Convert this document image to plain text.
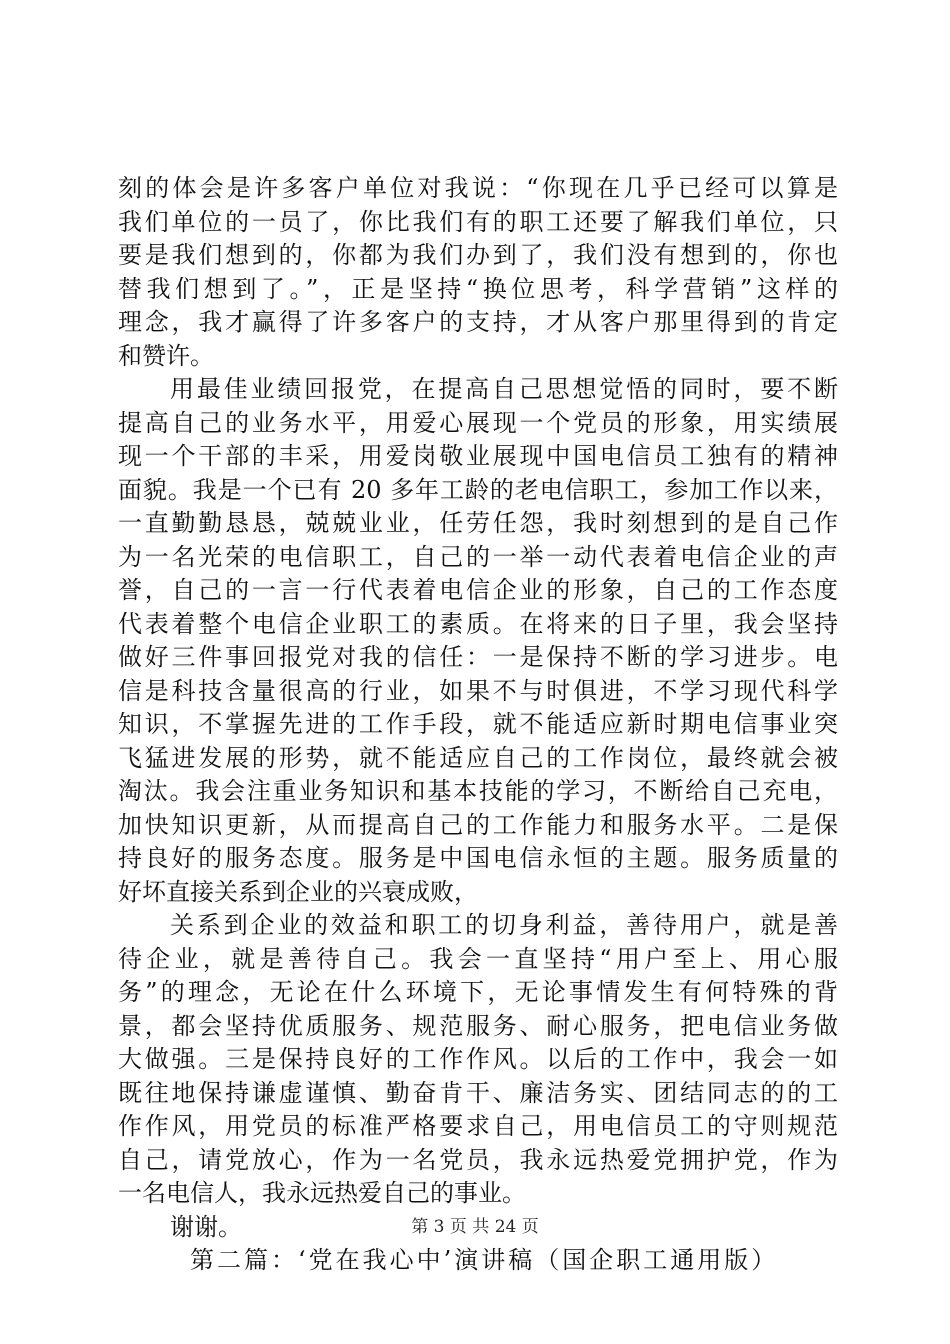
刻的体会是许多客户单位对我说：“你现在几乎已经可以算是
我们单位的一员了，你比我们有的职工还要了解我们单位，只
要是我们想到的，你都为我们办到了，我们没有想到的，你也
替我们想到了。”，正是坚持“换位思考，科学营销”这样的
理念，我才赢得了许多客户的支持，才从客户那里得到的肯定
和赞许。
用最佳业绩回报党，在提高自己思想觉悟的同时，要不断
提高自己的业务水平，用爱心展现一个党员的形象，用实绩展
现一个干部的丰采，用爱岗敬业展现中国电信员工独有的精神
面貌。我是一个已有 20 多年工龄的老电信职工，参加工作以来，
一直勤勤恳恳，兢兢业业，任劳任怨，我时刻想到的是自己作
为一名光荣的电信职工，自己的一举一动代表着电信企业的声
誉，自己的一言一行代表着电信企业的形象，自己的工作态度
代表着整个电信企业职工的素质。在将来的日子里，我会坚持
做好三件事回报党对我的信任：一是保持不断的学习进步。电
信是科技含量很高的行业，如果不与时俱进，不学习现代科学
知识，不掌握先进的工作手段，就不能适应新时期电信事业突
飞猛进发展的形势，就不能适应自己的工作岗位，最终就会被
淘汰。我会注重业务知识和基本技能的学习，不断给自己充电，
加快知识更新，从而提高自己的工作能力和服务水平。二是保
持良好的服务态度。服务是中国电信永恒的主题。服务质量的
好坏直接关系到企业的兴衰成败，
关系到企业的效益和职工的切身利益，善待用户，就是善
待企业，就是善待自己。我会一直坚持“用户至上、用心服
务”的理念，无论在什么环境下，无论事情发生有何特殊的背
景，都会坚持优质服务、规范服务、耐心服务，把电信业务做
大做强。三是保持良好的工作作风。以后的工作中，我会一如
既往地保持谦虚谨慎、勤奋肯干、廉洁务实、团结同志的的工
作作风，用党员的标准严格要求自己，用电信员工的守则规范
自己，请党放心，作为一名党员，我永远热爱党拥护党，作为
一名电信人，我永远热爱自己的事业。
谢谢。
第二篇：‘党在我心中’演讲稿（国企职工通用版）
第 3 页 共 24 页
